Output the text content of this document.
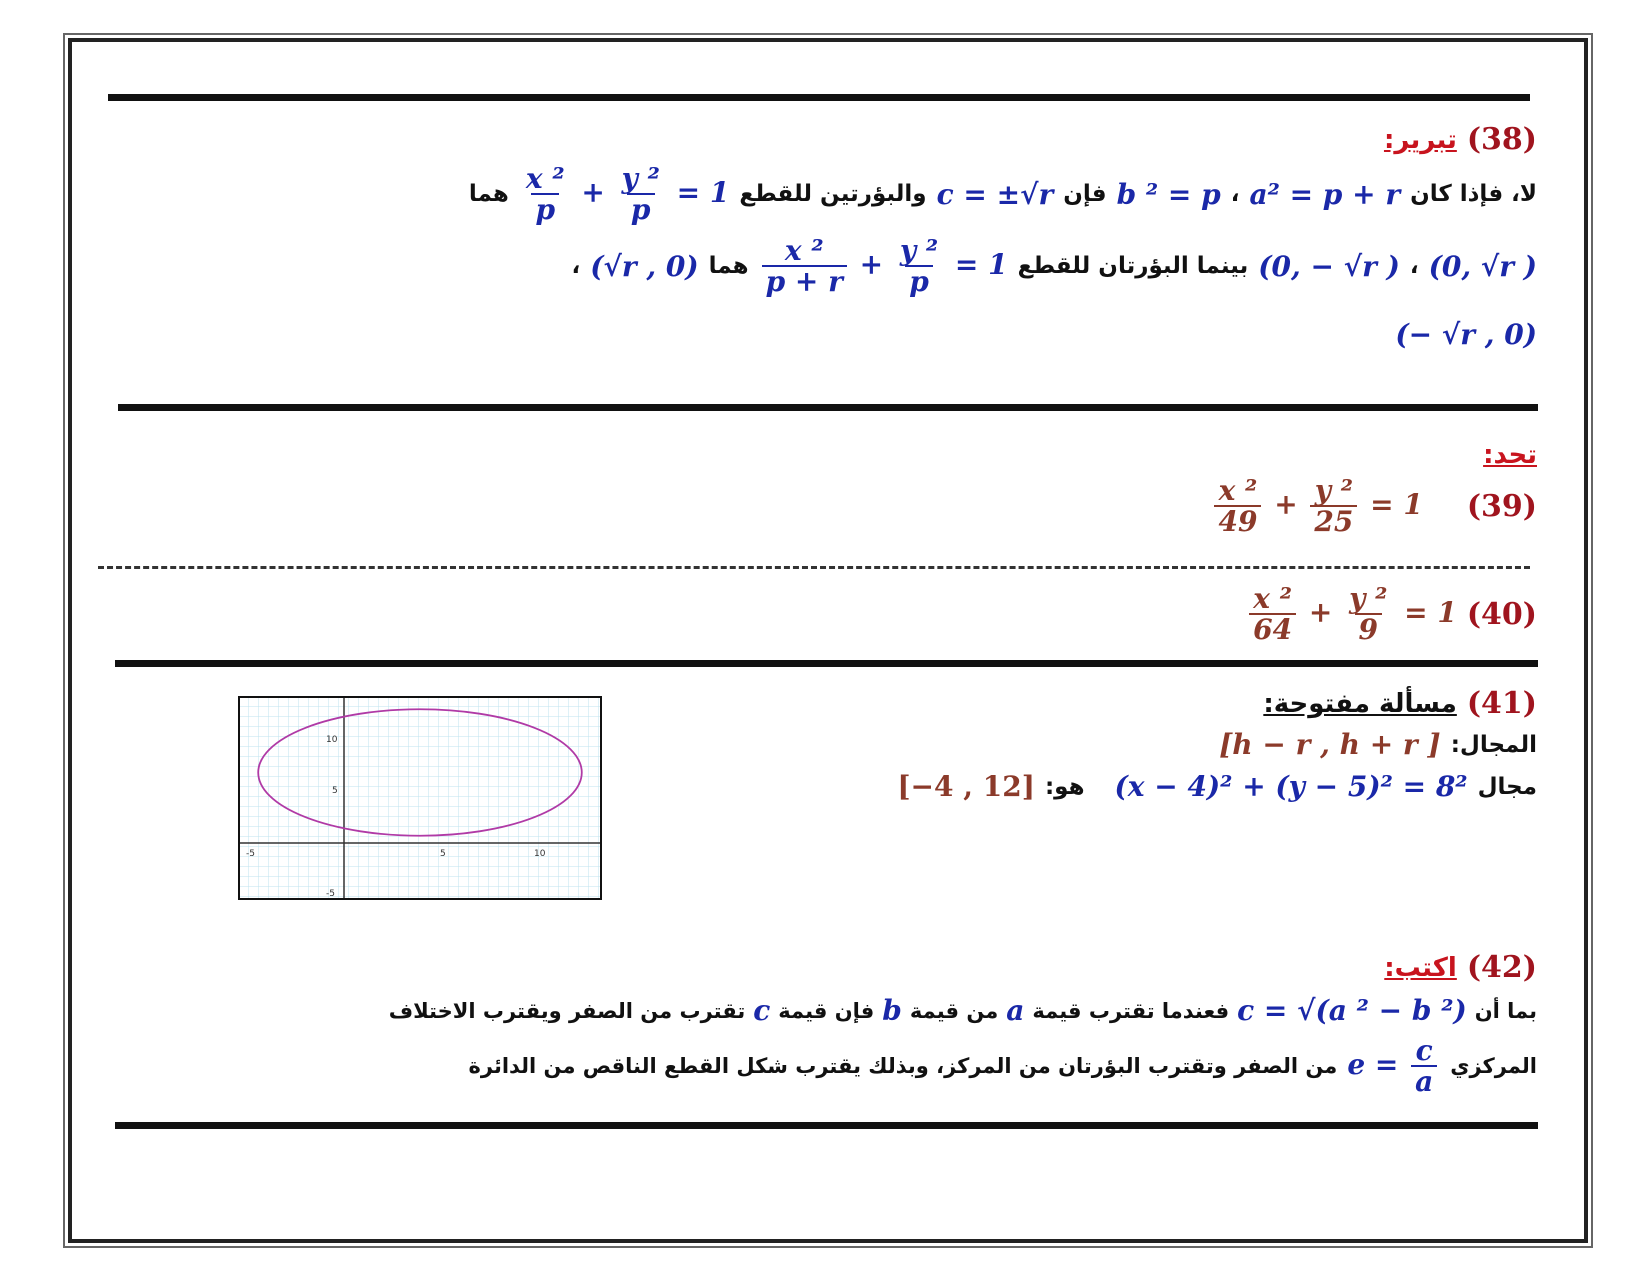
(38)
تبرير:
لا، فإذا كان
a² = p + r
،
b ² = p
فإن
c = ±√r
والبؤرتين للقطع
$\frac{\text{x ²}}{p} + \frac{\text{y ²}}{p} = 1$
هما
(0, √r )
،
(0, − √r )
بينما البؤرتان للقطع
$\frac{\text{x ²}}{p + r} + \frac{\text{y ²}}{p} = 1$
هما
(√r , 0)
،
(− √r , 0)
تحد:
(39)
$\frac{\text{x ²}}{49} + \frac{\text{y ²}}{25} = 1$
(40)
$\frac{\text{x ²}}{64} + \frac{\text{y ²}}{9} = 1$
(41)
مسألة مفتوحة:
المجال:
[h − r , h + r ]
مجال
(x − 4)² + (y − 5)² = 8²
هو:
[−4 , 12]
-5	5	10
10
5
-5
(42)
اكتب:
بما أن
c = √(a ² − b ²)
فعندما تقترب قيمة
a
من قيمة
b
فإن قيمة
c
تقترب من الصفر ويقترب الاختلاف
المركزي
$e = \frac{c}{a}$
من الصفر وتقترب البؤرتان من المركز، وبذلك يقترب شكل القطع الناقص من الدائرة
